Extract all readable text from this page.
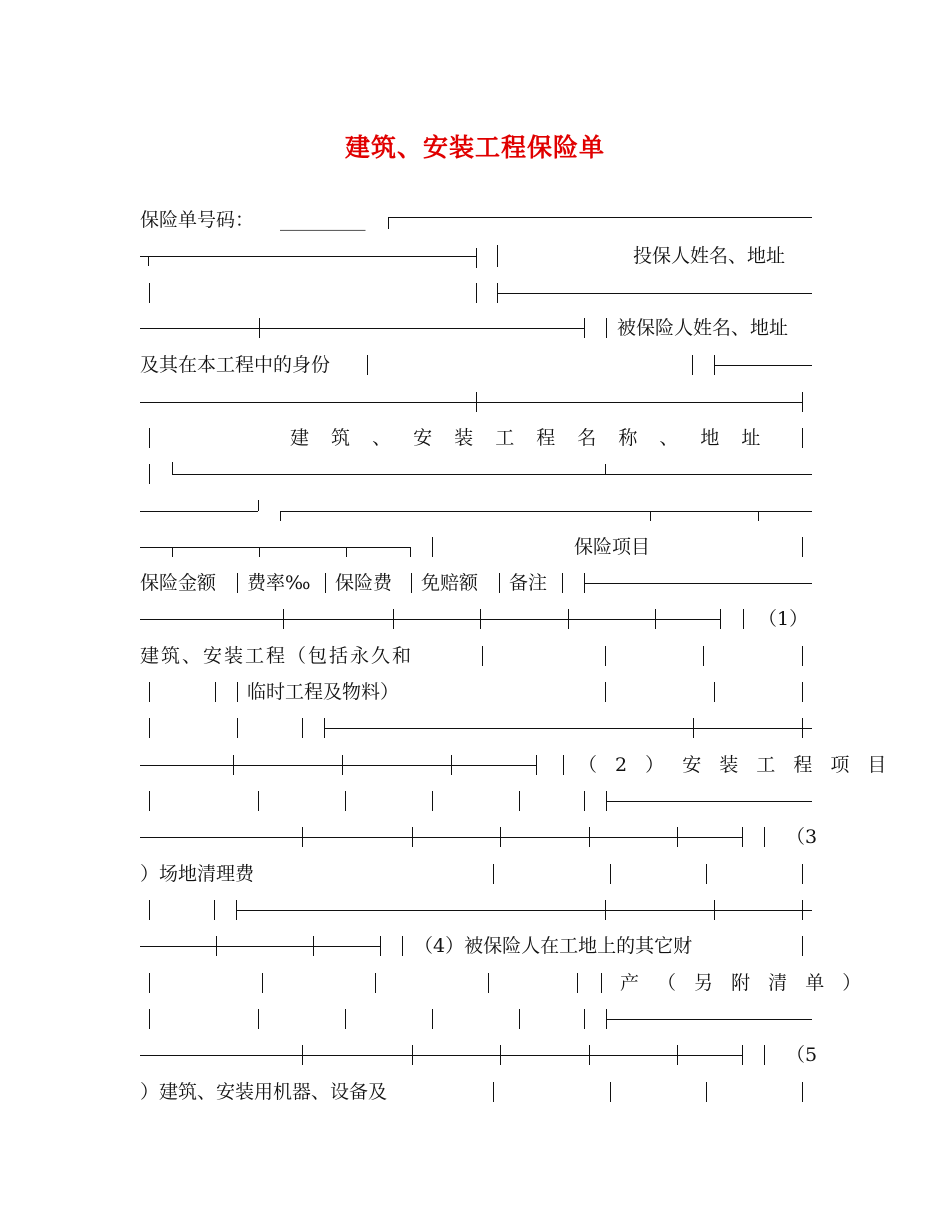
建筑、安装工程保险单
保险单号码： _________
投保人姓名、地址
被保险人姓名、地址
及其在本工程中的身份
建 筑 、 安 装 工 程 名 称 、 地 址
保险项目
保险金额 费率‰ 保险费 免赔额 备注
（1）
建筑、安装工程（包括永久和
临时工程及物料）
（ 2 ） 安 装 工 程 项 目
（3
）场地清理费
（4）被保险人在工地上的其它财
产 （ 另 附 清 单 ）
（5
）建筑、安装用机器、设备及
